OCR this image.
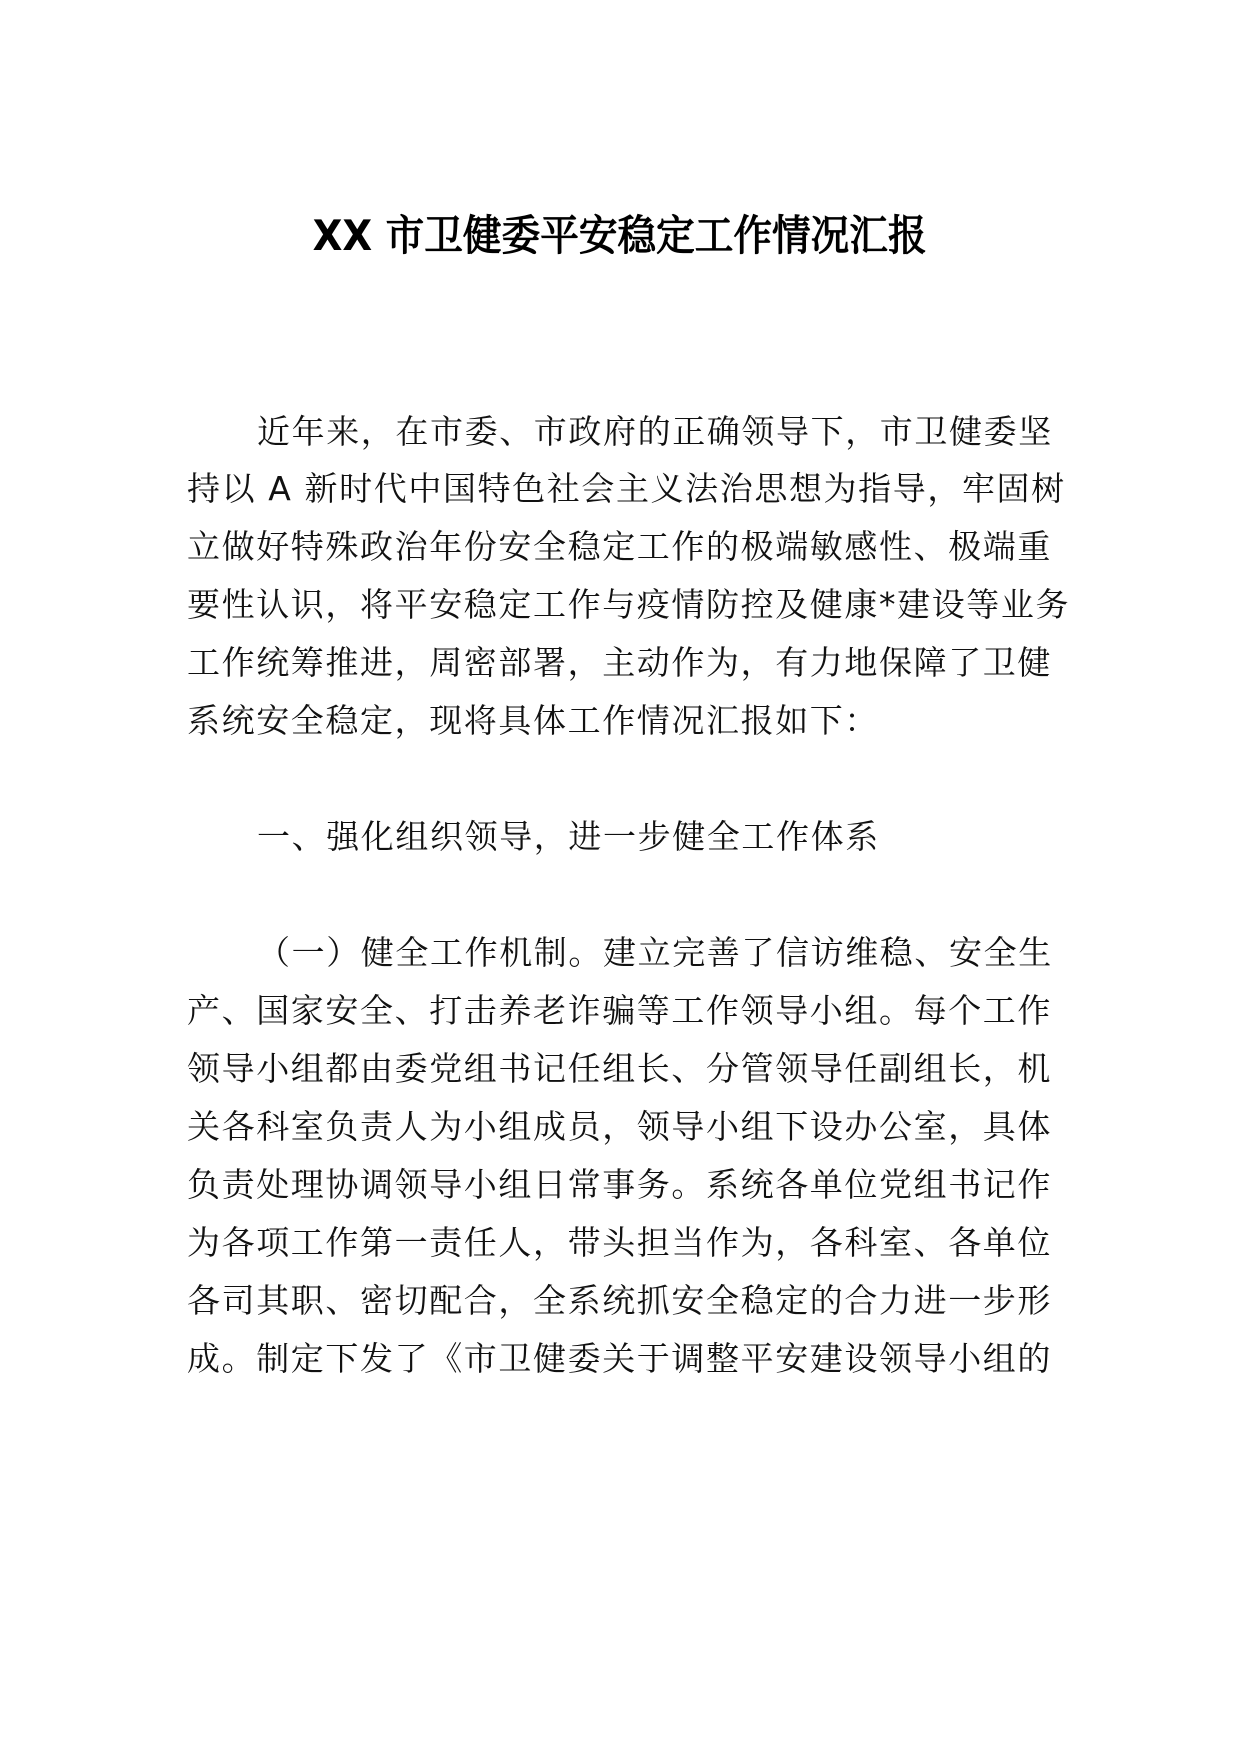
XX 市卫健委平安稳定工作情况汇报
近年来，在市委、市政府的正确领导下，市卫健委坚
持以 A 新时代中国特色社会主义法治思想为指导，牢固树
立做好特殊政治年份安全稳定工作的极端敏感性、极端重
要性认识，将平安稳定工作与疫情防控及健康*建设等业务
工作统筹推进，周密部署，主动作为，有力地保障了卫健
系统安全稳定，现将具体工作情况汇报如下：
一、强化组织领导，进一步健全工作体系
（一）健全工作机制。建立完善了信访维稳、安全生
产、国家安全、打击养老诈骗等工作领导小组。每个工作
领导小组都由委党组书记任组长、分管领导任副组长，机
关各科室负责人为小组成员，领导小组下设办公室，具体
负责处理协调领导小组日常事务。系统各单位党组书记作
为各项工作第一责任人，带头担当作为，各科室、各单位
各司其职、密切配合，全系统抓安全稳定的合力进一步形
成。制定下发了《市卫健委关于调整平安建设领导小组的
